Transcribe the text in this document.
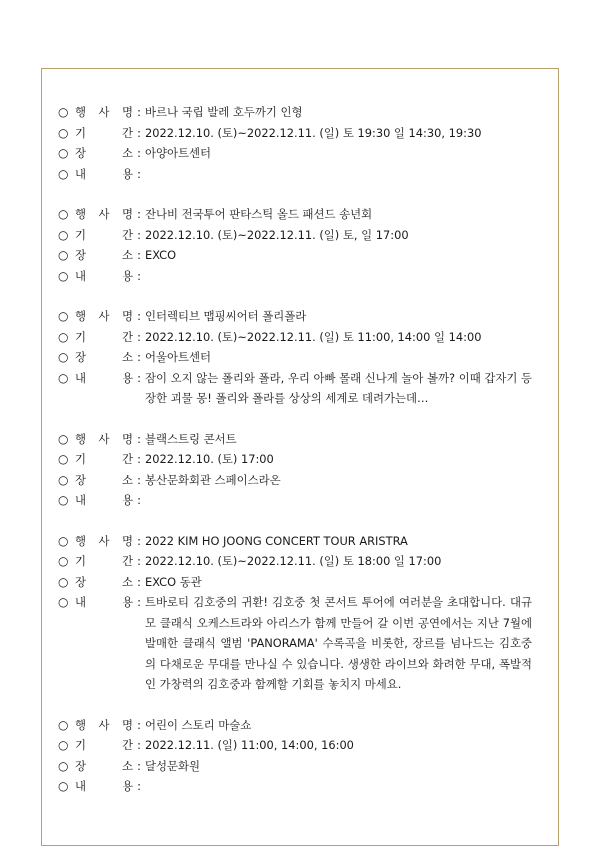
○ 행 사 명 : 바르나 국립 발레 호두까기 인형
○ 기	간 : 2022.12.10. (토)~2022.12.11. (일) 토 19:30 일 14:30, 19:30
○ 장	소 : 아양아트센터
○ 내	용 :
○ 행 사 명 : 잔나비 전국투어 판타스틱 올드 패션드 송년회
○ 기	간 : 2022.12.10. (토)~2022.12.11. (일) 토, 일 17:00
○ 장	소 : EXCO
○ 내	용 :
○ 행 사 명 : 인터렉티브 맵핑씨어터 폴리폴라
○ 기	간 : 2022.12.10. (토)~2022.12.11. (일) 토 11:00, 14:00 일 14:00
○ 장	소 : 어울아트센터
○ 내	용 : 잠이 오지 않는 폴리와 폴라, 우리 아빠 몰래 신나게 놀아 볼까? 이때 갑자기 등장한 괴물 몽! 폴리와 폴라를 상상의 세계로 데려가는데…
○ 행 사 명 : 블랙스트링 콘서트
○ 기	간 : 2022.12.10. (토) 17:00
○ 장	소 : 봉산문화회관 스페이스라온
○ 내	용 :
○ 행 사 명 : 2022 KIM HO JOONG CONCERT TOUR ARISTRA
○ 기	간 : 2022.12.10. (토)~2022.12.11. (일) 토 18:00 일 17:00
○ 장	소 : EXCO 동관
○ 내	용 : 트바로티 김호중의 귀환! 김호중 첫 콘서트 투어에 여러분을 초대합니다. 대규모 클래식 오케스트라와 아리스가 함께 만들어 갈 이번 공연에서는 지난 7월에 발매한 클래식 앨범 'PANORAMA' 수록곡을 비롯한, 장르를 넘나드는 김호중의 다채로운 무대를 만나실 수 있습니다. 생생한 라이브와 화려한 무대, 폭발적인 가창력의 김호중과 함께할 기회를 놓치지 마세요.
○ 행 사 명 : 어린이 스토리 마술쇼
○ 기	간 : 2022.12.11. (일) 11:00, 14:00, 16:00
○ 장	소 : 달성문화원
○ 내	용 :
